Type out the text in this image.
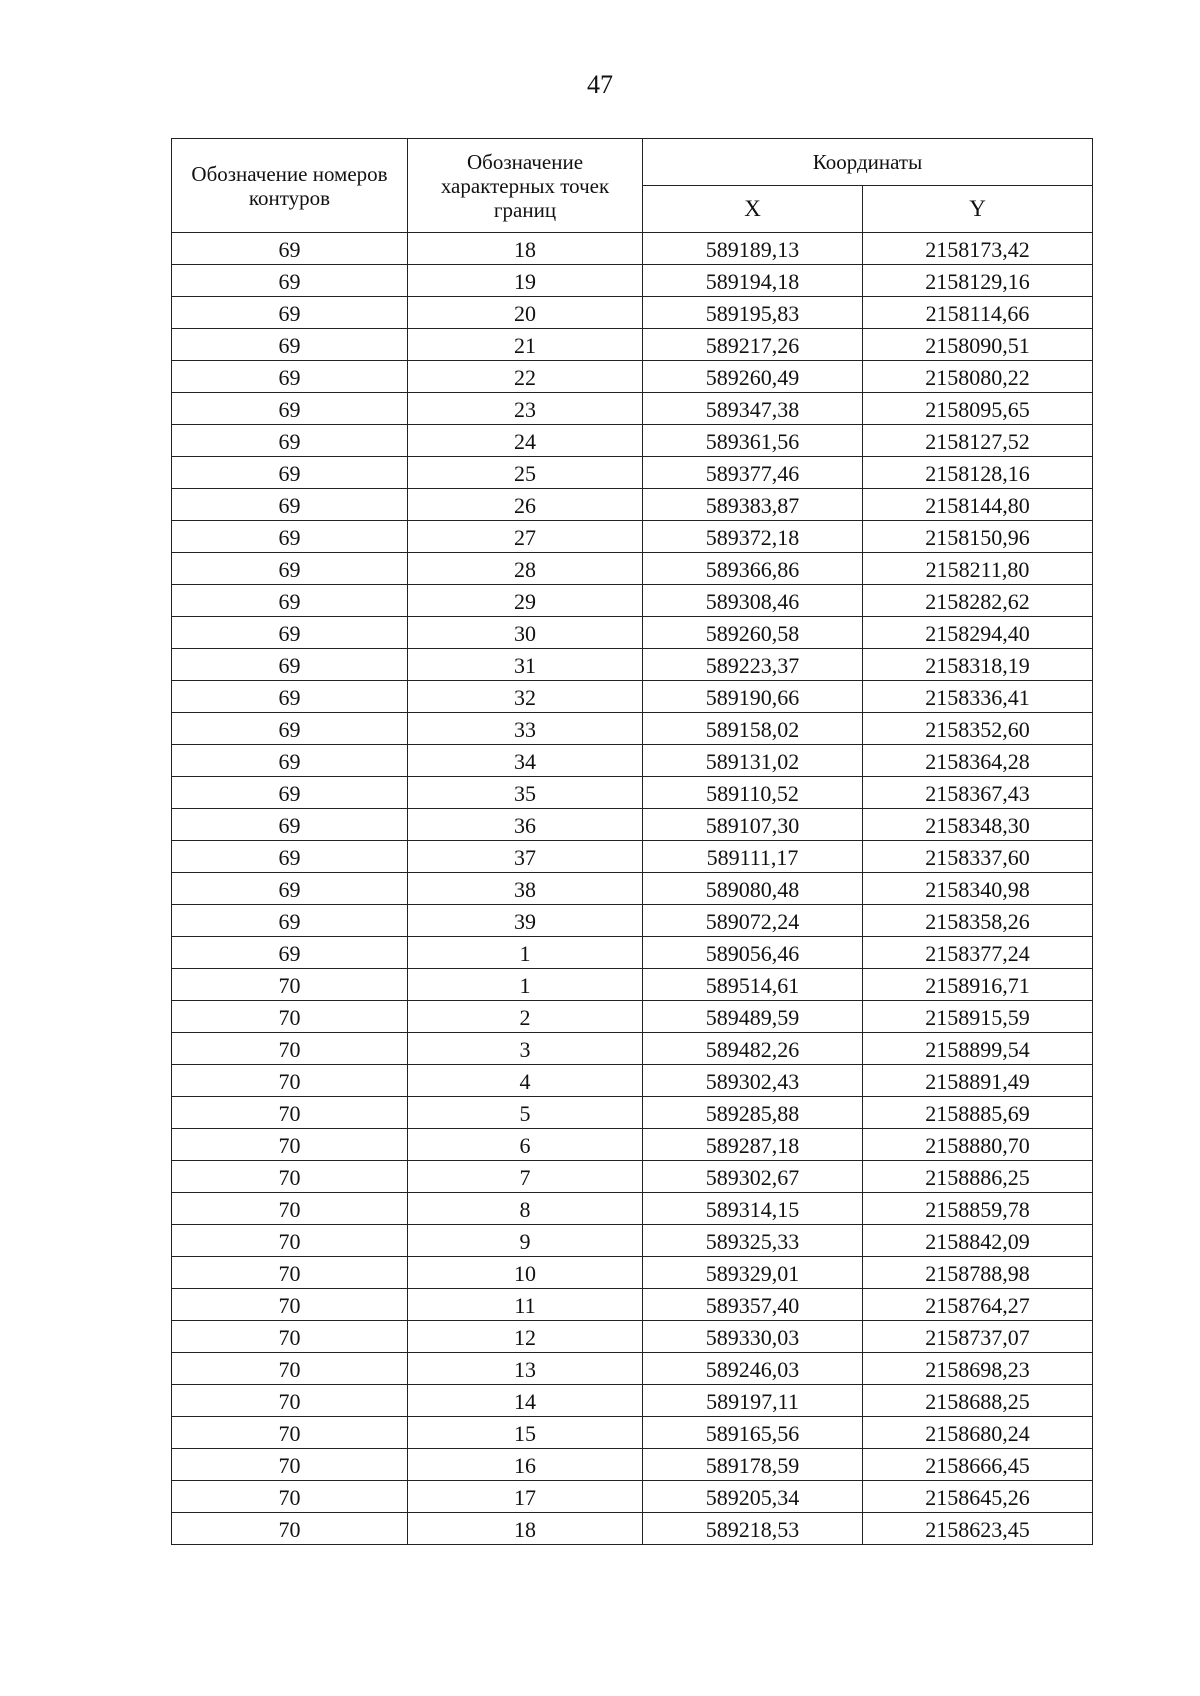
47
Обозначение номеров контуров	Обозначение характерных точек границ	Координаты	
		X	Y
69	18	589189,13	2158173,42
69	19	589194,18	2158129,16
69	20	589195,83	2158114,66
69	21	589217,26	2158090,51
69	22	589260,49	2158080,22
69	23	589347,38	2158095,65
69	24	589361,56	2158127,52
69	25	589377,46	2158128,16
69	26	589383,87	2158144,80
69	27	589372,18	2158150,96
69	28	589366,86	2158211,80
69	29	589308,46	2158282,62
69	30	589260,58	2158294,40
69	31	589223,37	2158318,19
69	32	589190,66	2158336,41
69	33	589158,02	2158352,60
69	34	589131,02	2158364,28
69	35	589110,52	2158367,43
69	36	589107,30	2158348,30
69	37	589111,17	2158337,60
69	38	589080,48	2158340,98
69	39	589072,24	2158358,26
69	1	589056,46	2158377,24
70	1	589514,61	2158916,71
70	2	589489,59	2158915,59
70	3	589482,26	2158899,54
70	4	589302,43	2158891,49
70	5	589285,88	2158885,69
70	6	589287,18	2158880,70
70	7	589302,67	2158886,25
70	8	589314,15	2158859,78
70	9	589325,33	2158842,09
70	10	589329,01	2158788,98
70	11	589357,40	2158764,27
70	12	589330,03	2158737,07
70	13	589246,03	2158698,23
70	14	589197,11	2158688,25
70	15	589165,56	2158680,24
70	16	589178,59	2158666,45
70	17	589205,34	2158645,26
70	18	589218,53	2158623,45
